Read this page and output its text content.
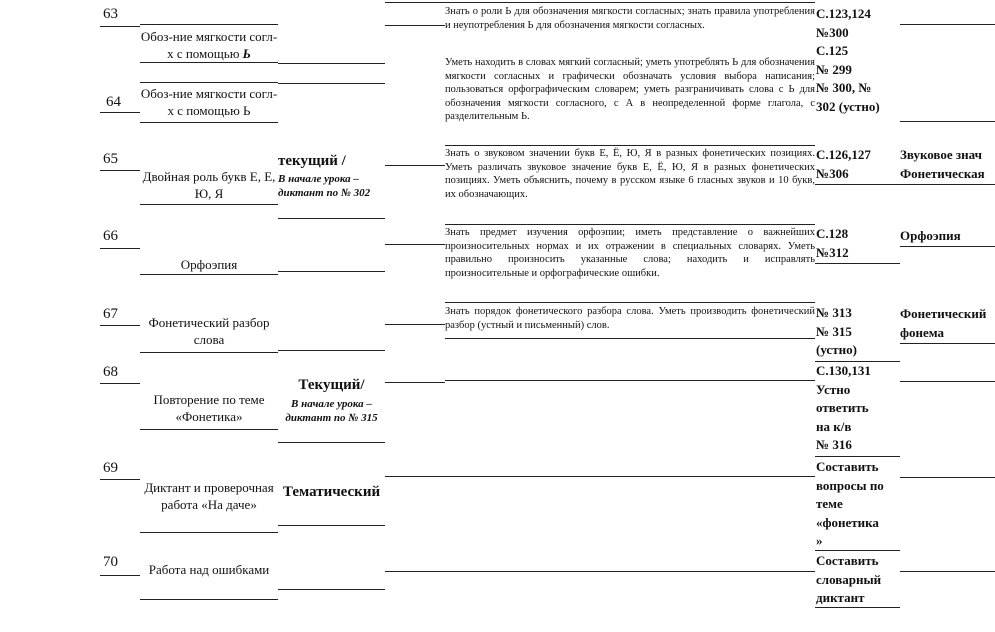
63
Обоз-ние мягкости согл-х с помощью Ь
Знать о роли Ь для обозначения мягкости согласных; знать правила употребления и неупотребления Ь для обозначения мягкости согласных.
С.123,124
№300
С.125
№ 299
Обоз-ние мягкости согл-х с помощью Ь
64
Уметь находить в словах мягкий согласный; уметь употреблять Ь для обозначения мягкости согласных и графически обозначать условия выбора написания; пользоваться орфографическим словарем; уметь разграничивать слова с Ь для обозначения мягкости согласного, с А в неопределенной форме глагола, с разделительным Ь.
№ 300, №
302 (устно)
65
Двойная роль букв Е, Е, Ю, Я
текущий /
В начале урока – диктант по № 302
Знать о звуковом значении букв Е, Ё, Ю, Я в разных фонетических позициях. Уметь различать звуковое значение букв Е, Ё, Ю, Я в разных фонетических позициях. Уметь объяснить, почему в русском языке 6 гласных звуков и 10 букв, их обозначающих.
С.126,127
№306
Звуковое знач
Фонетическая
66
Орфоэпия
Знать предмет изучения орфоэпии; иметь представление о важнейших произносительных нормах и их отражении в специальных словарях. Уметь правильно произносить указанные слова; находить и исправлять произносительные и орфографические ошибки.
С.128
№312
Орфоэпия
67
Фонетический разбор слова
Знать порядок фонетического разбора слова. Уметь производить фонетический разбор (устный и письменный) слов.
№ 313
№ 315
(устно)
Фонетический
фонема
68
Повторение по теме «Фонетика»
Текущий/
В начале урока – диктант по № 315
С.130,131
Устно
ответить
на к/в
№ 316
69
Диктант и проверочная работа «На даче»
Тематический
Составить
вопросы по
теме
«фонетика
»
70	Работа над ошибками
Составить
словарный
диктант
